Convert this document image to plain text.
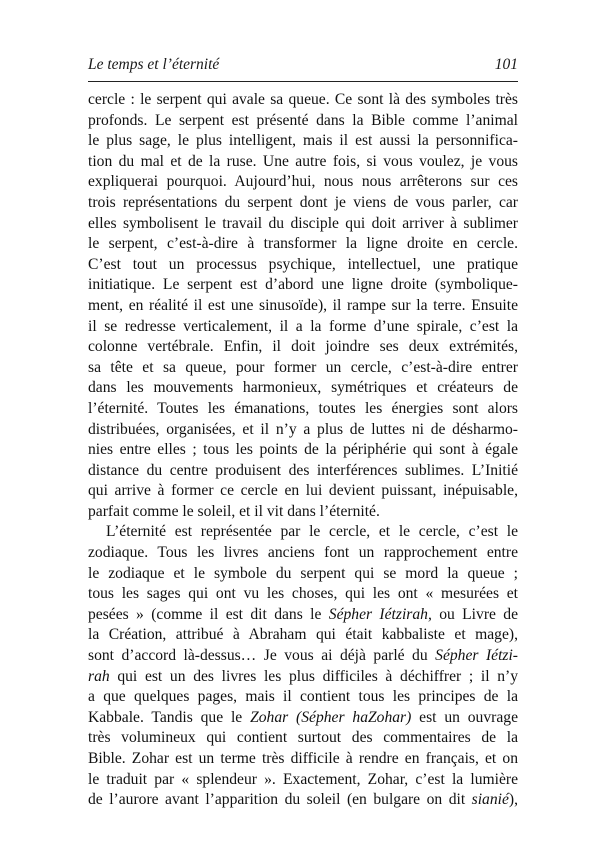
Le temps et l’éternité	101
cercle : le serpent qui avale sa queue. Ce sont là des symboles très
profonds. Le serpent est présenté dans la Bible comme l’animal
le plus sage, le plus intelligent, mais il est aussi la personnifica-
tion du mal et de la ruse. Une autre fois, si vous voulez, je vous
expliquerai pourquoi. Aujourd’hui, nous nous arrêterons sur ces
trois représentations du serpent dont je viens de vous parler, car
elles symbolisent le travail du disciple qui doit arriver à sublimer
le serpent, c’est-à-dire à transformer la ligne droite en cercle.
C’est tout un processus psychique, intellectuel, une pratique
initiatique. Le serpent est d’abord une ligne droite (symbolique-
ment, en réalité il est une sinusoïde), il rampe sur la terre. Ensuite
il se redresse verticalement, il a la forme d’une spirale, c’est la
colonne vertébrale. Enfin, il doit joindre ses deux extrémités,
sa tête et sa queue, pour former un cercle, c’est-à-dire entrer
dans les mouvements harmonieux, symétriques et créateurs de
l’éternité. Toutes les émanations, toutes les énergies sont alors
distribuées, organisées, et il n’y a plus de luttes ni de désharmo-
nies entre elles ; tous les points de la périphérie qui sont à égale
distance du centre produisent des interférences sublimes. L’Initié
qui arrive à former ce cercle en lui devient puissant, inépuisable,
parfait comme le soleil, et il vit dans l’éternité.
L’éternité est représentée par le cercle, et le cercle, c’est le
zodiaque. Tous les livres anciens font un rapprochement entre
le zodiaque et le symbole du serpent qui se mord la queue ;
tous les sages qui ont vu les choses, qui les ont « mesurées et
pesées » (comme il est dit dans le Sépher Iétzirah, ou Livre de
la Création, attribué à Abraham qui était kabbaliste et mage),
sont d’accord là-dessus… Je vous ai déjà parlé du Sépher Iétzi-
rah qui est un des livres les plus difficiles à déchiffrer ; il n’y
a que quelques pages, mais il contient tous les principes de la
Kabbale. Tandis que le Zohar (Sépher haZohar) est un ouvrage
très volumineux qui contient surtout des commentaires de la
Bible. Zohar est un terme très difficile à rendre en français, et on
le traduit par « splendeur ». Exactement, Zohar, c’est la lumière
de l’aurore avant l’apparition du soleil (en bulgare on dit sianié),
